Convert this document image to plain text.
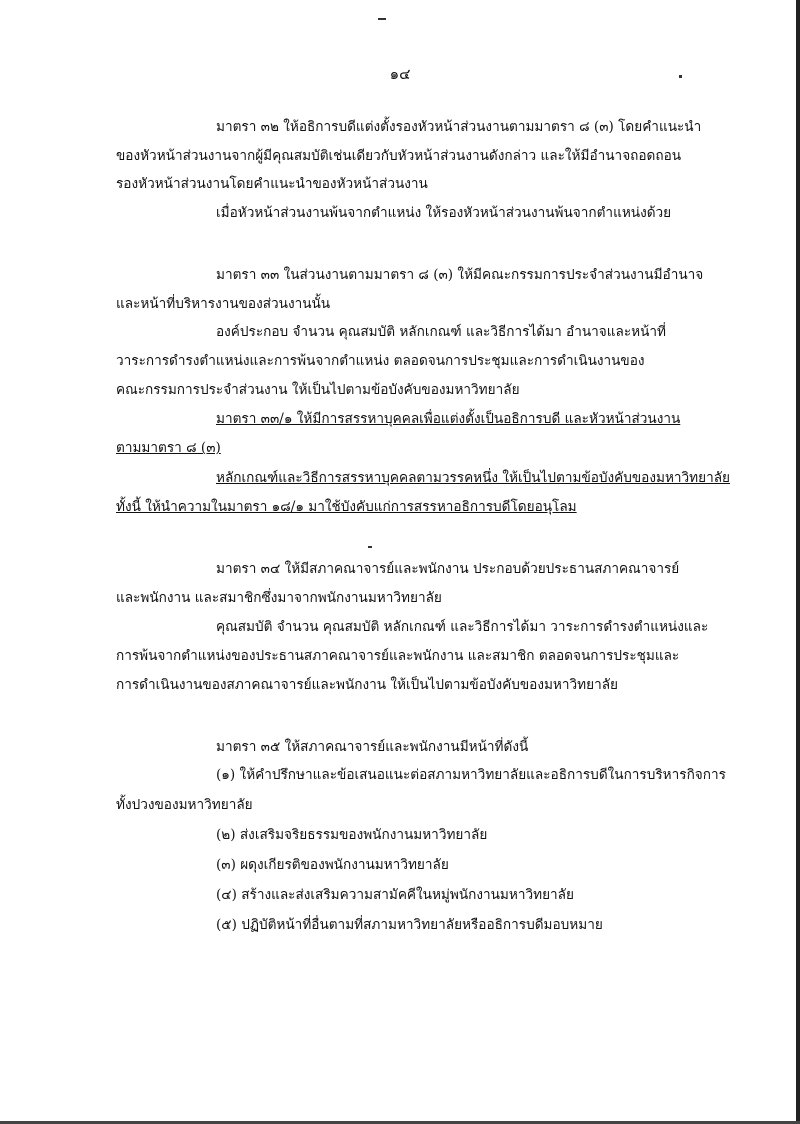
๑๔
มาตรา ๓๒ ให้อธิการบดีแต่งตั้งรองหัวหน้าส่วนงานตามมาตรา ๘ (๓) โดยคำแนะนำ
ของหัวหน้าส่วนงานจากผู้มีคุณสมบัติเช่นเดียวกับหัวหน้าส่วนงานดังกล่าว และให้มีอำนาจถอดถอน
รองหัวหน้าส่วนงานโดยคำแนะนำของหัวหน้าส่วนงาน
เมื่อหัวหน้าส่วนงานพ้นจากตำแหน่ง ให้รองหัวหน้าส่วนงานพ้นจากตำแหน่งด้วย
มาตรา ๓๓ ในส่วนงานตามมาตรา ๘ (๓) ให้มีคณะกรรมการประจำส่วนงานมีอำนาจ
และหน้าที่บริหารงานของส่วนงานนั้น
องค์ประกอบ จำนวน คุณสมบัติ หลักเกณฑ์ และวิธีการได้มา อำนาจและหน้าที่
วาระการดำรงตำแหน่งและการพ้นจากตำแหน่ง ตลอดจนการประชุมและการดำเนินงานของ
คณะกรรมการประจำส่วนงาน ให้เป็นไปตามข้อบังคับของมหาวิทยาลัย
มาตรา ๓๓/๑ ให้มีการสรรหาบุคคลเพื่อแต่งตั้งเป็นอธิการบดี และหัวหน้าส่วนงาน
ตามมาตรา ๘ (๓)
หลักเกณฑ์และวิธีการสรรหาบุคคลตามวรรคหนึ่ง ให้เป็นไปตามข้อบังคับของมหาวิทยาลัย
ทั้งนี้ ให้นำความในมาตรา ๑๘/๑ มาใช้บังคับแก่การสรรหาอธิการบดีโดยอนุโลม
มาตรา ๓๔ ให้มีสภาคณาจารย์และพนักงาน ประกอบด้วยประธานสภาคณาจารย์
และพนักงาน และสมาชิกซึ่งมาจากพนักงานมหาวิทยาลัย
คุณสมบัติ จำนวน คุณสมบัติ หลักเกณฑ์ และวิธีการได้มา วาระการดำรงตำแหน่งและ
การพ้นจากตำแหน่งของประธานสภาคณาจารย์และพนักงาน และสมาชิก ตลอดจนการประชุมและ
การดำเนินงานของสภาคณาจารย์และพนักงาน ให้เป็นไปตามข้อบังคับของมหาวิทยาลัย
มาตรา ๓๕ ให้สภาคณาจารย์และพนักงานมีหน้าที่ดังนี้
(๑) ให้คำปรึกษาและข้อเสนอแนะต่อสภามหาวิทยาลัยและอธิการบดีในการบริหารกิจการ
ทั้งปวงของมหาวิทยาลัย
(๒) ส่งเสริมจริยธรรมของพนักงานมหาวิทยาลัย
(๓) ผดุงเกียรติของพนักงานมหาวิทยาลัย
(๔) สร้างและส่งเสริมความสามัคคีในหมู่พนักงานมหาวิทยาลัย
(๕) ปฏิบัติหน้าที่อื่นตามที่สภามหาวิทยาลัยหรืออธิการบดีมอบหมาย
